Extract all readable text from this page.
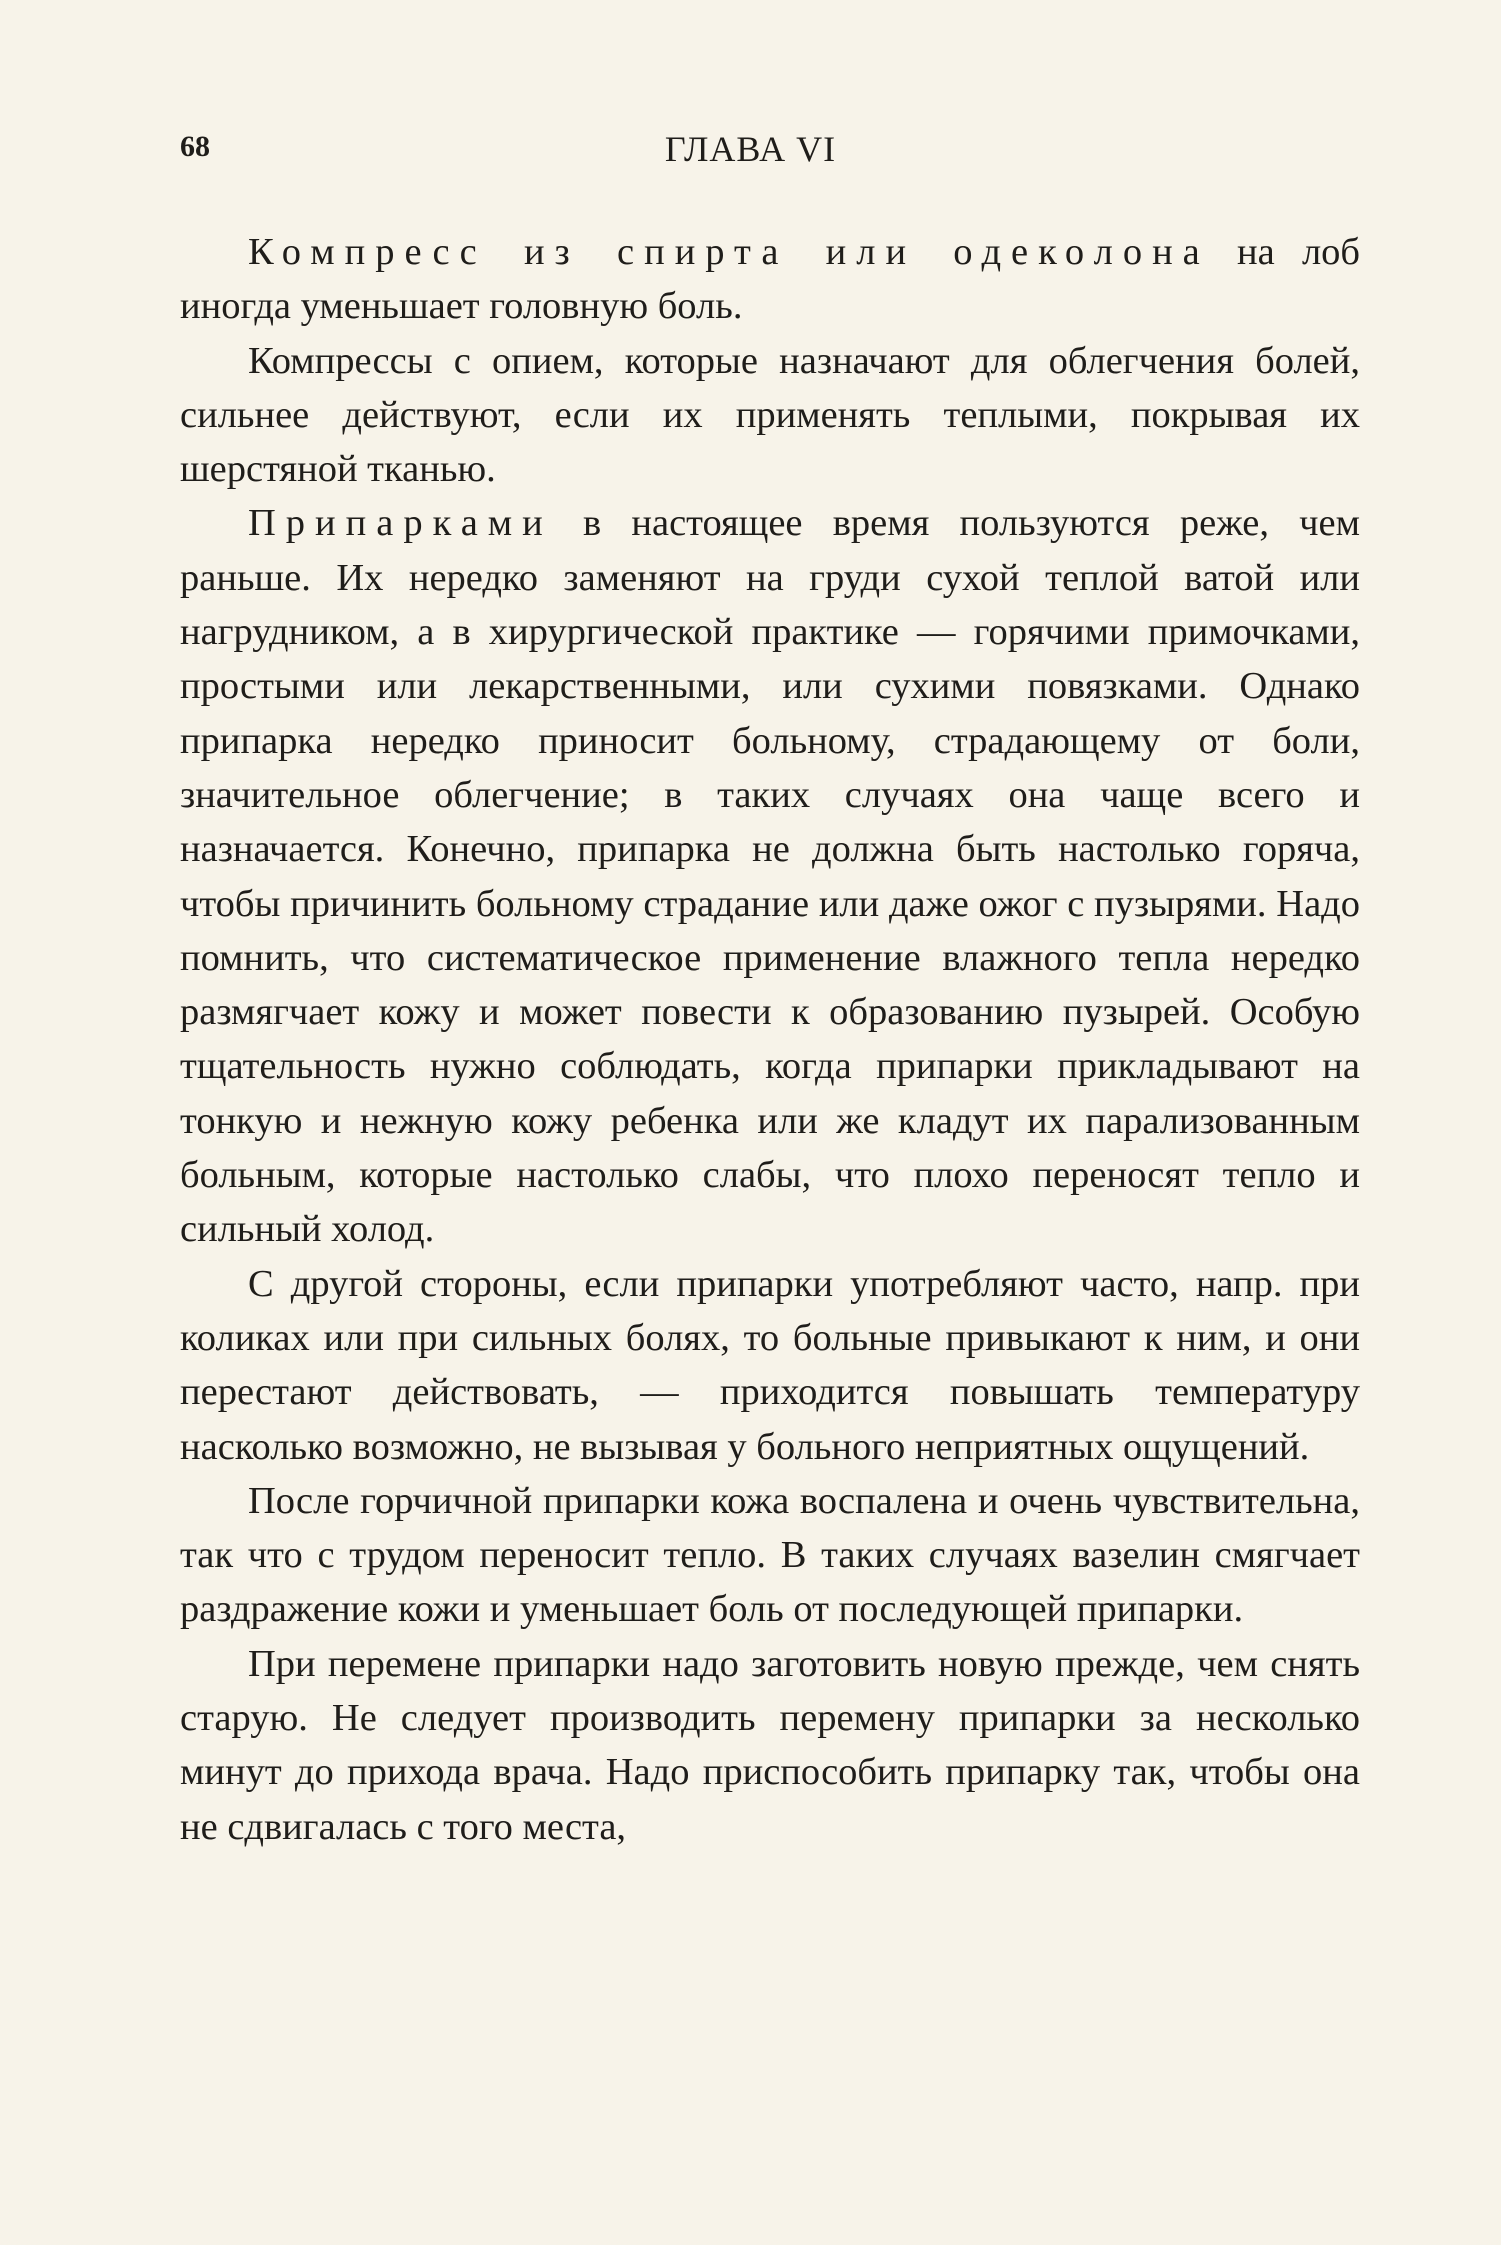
68	ГЛАВА VI

Компресс из спирта или одеколона на лоб иногда уменьшает головную боль.

Компрессы с опием, которые назначают для облегчения болей, сильнее действуют, если их применять теплыми, покрывая их шерстяной тканью.

Припарками в настоящее время пользуются реже, чем раньше. Их нередко заменяют на груди сухой теплой ватой или нагрудником, а в хирургической практике — горячими примочками, простыми или лекарственными, или сухими повязками. Однако припарка нередко приносит больному, страдающему от боли, значительное облегчение; в таких случаях она чаще всего и назначается. Конечно, припарка не должна быть настолько горяча, чтобы причинить больному страдание или даже ожог с пузырями. Надо помнить, что систематическое применение влажного тепла нередко размягчает кожу и может повести к образованию пузырей. Особую тщательность нужно соблюдать, когда припарки прикладывают на тонкую и нежную кожу ребенка или же кладут их парализованным больным, которые настолько слабы, что плохо переносят тепло и сильный холод.

С другой стороны, если припарки употребляют часто, напр. при коликах или при сильных болях, то больные привыкают к ним, и они перестают действовать, — приходится повышать температуру насколько возможно, не вызывая у больного неприятных ощущений.

После горчичной припарки кожа воспалена и очень чувствительна, так что с трудом переносит тепло. В таких случаях вазелин смягчает раздражение кожи и уменьшает боль от последующей припарки.

При перемене припарки надо заготовить новую прежде, чем снять старую. Не следует производить перемену припарки за несколько минут до прихода врача. Надо приспособить припарку так, чтобы она не сдвигалась с того места,
